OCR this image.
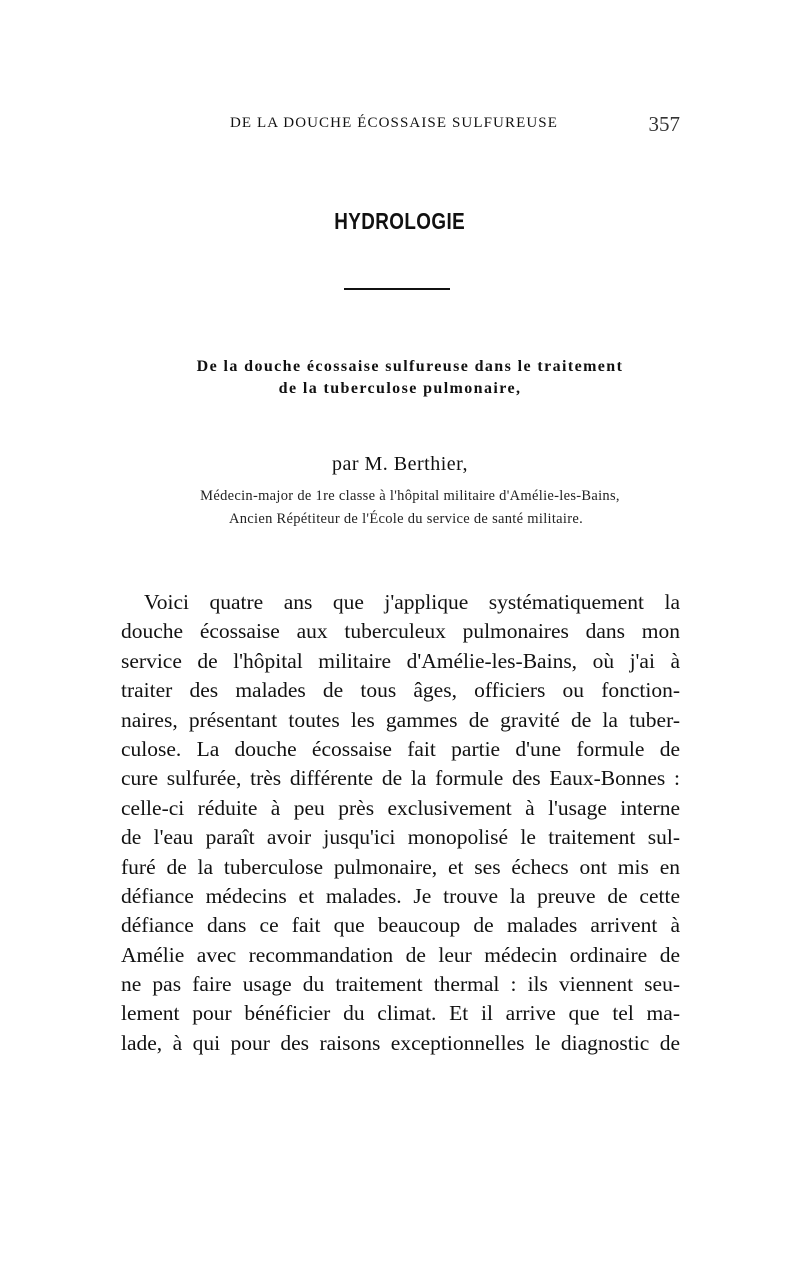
DE LA DOUCHE ÉCOSSAISE SULFUREUSE	357
HYDROLOGIE
De la douche écossaise sulfureuse dans le traitement
de la tuberculose pulmonaire,
par M. Berthier,
Médecin-major de 1re classe à l'hôpital militaire d'Amélie-les-Bains,
Ancien Répétiteur de l'École du service de santé militaire.
Voici quatre ans que j'applique systématiquement la
douche écossaise aux tuberculeux pulmonaires dans mon
service de l'hôpital militaire d'Amélie-les-Bains, où j'ai à
traiter des malades de tous âges, officiers ou fonction-
naires, présentant toutes les gammes de gravité de la tuber-
culose. La douche écossaise fait partie d'une formule de
cure sulfurée, très différente de la formule des Eaux-Bonnes :
celle-ci réduite à peu près exclusivement à l'usage interne
de l'eau paraît avoir jusqu'ici monopolisé le traitement sul-
furé de la tuberculose pulmonaire, et ses échecs ont mis en
défiance médecins et malades. Je trouve la preuve de cette
défiance dans ce fait que beaucoup de malades arrivent à
Amélie avec recommandation de leur médecin ordinaire de
ne pas faire usage du traitement thermal : ils viennent seu-
lement pour bénéficier du climat. Et il arrive que tel ma-
lade, à qui pour des raisons exceptionnelles le diagnostic de
